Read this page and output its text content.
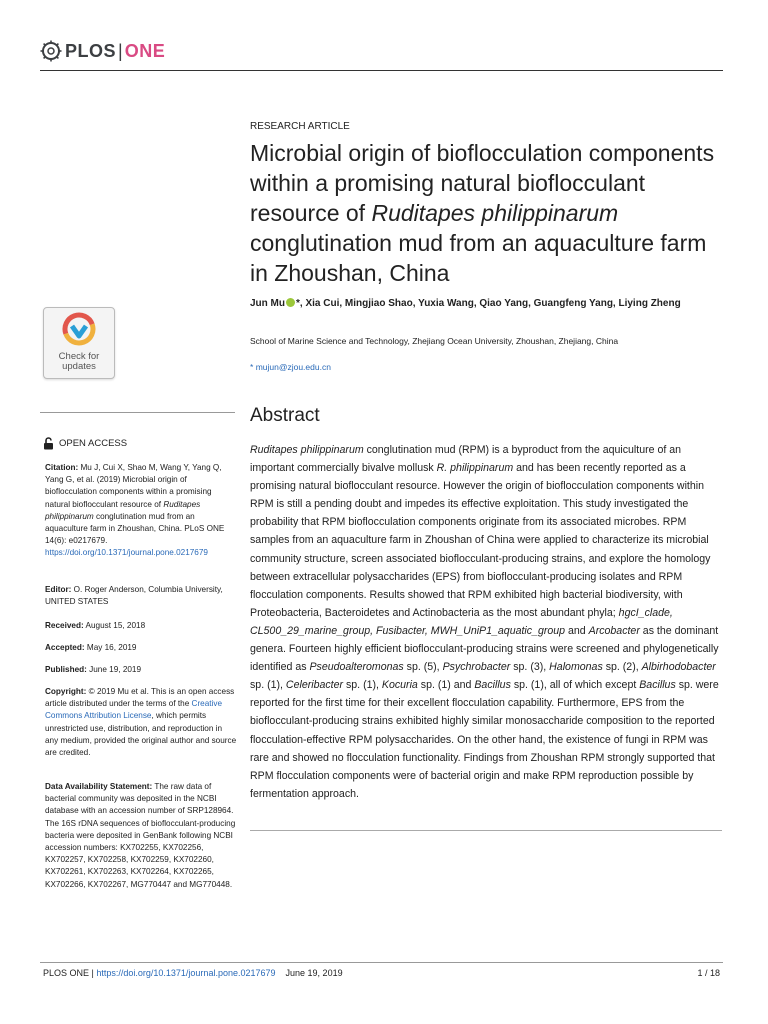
PLOS | ONE
RESEARCH ARTICLE
Microbial origin of bioflocculation components within a promising natural bioflocculant resource of Ruditapes philippinarum conglutination mud from an aquaculture farm in Zhoushan, China
Jun Mu *, Xia Cui, Mingjiao Shao, Yuxia Wang, Qiao Yang, Guangfeng Yang, Liying Zheng
School of Marine Science and Technology, Zhejiang Ocean University, Zhoushan, Zhejiang, China
* mujun@zjou.edu.cn
Check for
updates
Abstract
Ruditapes philippinarum conglutination mud (RPM) is a byproduct from the aquiculture of an important commercially bivalve mollusk R. philippinarum and has been recently reported as a promising natural bioflocculant resource. However the origin of bioflocculation components within RPM is still a pending doubt and impedes its effective exploitation. This study investigated the probability that RPM bioflocculation components originate from its associated microbes. RPM samples from an aquaculture farm in Zhoushan of China were applied to characterize its microbial community structure, screen associated bioflocculant-producing strains, and explore the homology between extracellular polysaccharides (EPS) from bioflocculant-producing isolates and RPM flocculation components. Results showed that RPM exhibited high bacterial biodiversity, with Proteobacteria, Bacteroidetes and Actinobacteria as the most abundant phyla; hgcI_clade, CL500_29_marine_group, Fusibacter, MWH_UniP1_aquatic_group and Arcobacter as the dominant genera. Fourteen highly efficient bioflocculant-producing strains were screened and phylogenetically identified as Pseudoalteromonas sp. (5), Psychrobacter sp. (3), Halomonas sp. (2), Albirhodobacter sp. (1), Celeribacter sp. (1), Kocuria sp. (1) and Bacillus sp. (1), all of which except Bacillus sp. were reported for the first time for their excellent flocculation capability. Furthermore, EPS from the bioflocculant-producing strains exhibited highly similar monosaccharide composition to the reported flocculation-effective RPM polysaccharides. On the other hand, the existence of fungi in RPM was rare and showed no flocculation functionality. Findings from Zhoushan RPM strongly supported that RPM flocculation components were of bacterial origin and make RPM reproduction possible by fermentation approach.
OPEN ACCESS
Citation: Mu J, Cui X, Shao M, Wang Y, Yang Q, Yang G, et al. (2019) Microbial origin of bioflocculation components within a promising natural bioflocculant resource of Ruditapes philippinarum conglutination mud from an aquaculture farm in Zhoushan, China. PLoS ONE 14(6): e0217679. https://doi.org/10.1371/journal.pone.0217679
Editor: O. Roger Anderson, Columbia University, UNITED STATES
Received: August 15, 2018
Accepted: May 16, 2019
Published: June 19, 2019
Copyright: © 2019 Mu et al. This is an open access article distributed under the terms of the Creative Commons Attribution License, which permits unrestricted use, distribution, and reproduction in any medium, provided the original author and source are credited.
Data Availability Statement: The raw data of bacterial community was deposited in the NCBI database with an accession number of SRP128964. The 16S rDNA sequences of bioflocculant-producing bacteria were deposited in GenBank following NCBI accession numbers: KX702255, KX702256, KX702257, KX702258, KX702259, KX702260, KX702261, KX702263, KX702264, KX702265, KX702266, KX702267, MG770447 and MG770448.
PLOS ONE | https://doi.org/10.1371/journal.pone.0217679 June 19, 2019	1 / 18
